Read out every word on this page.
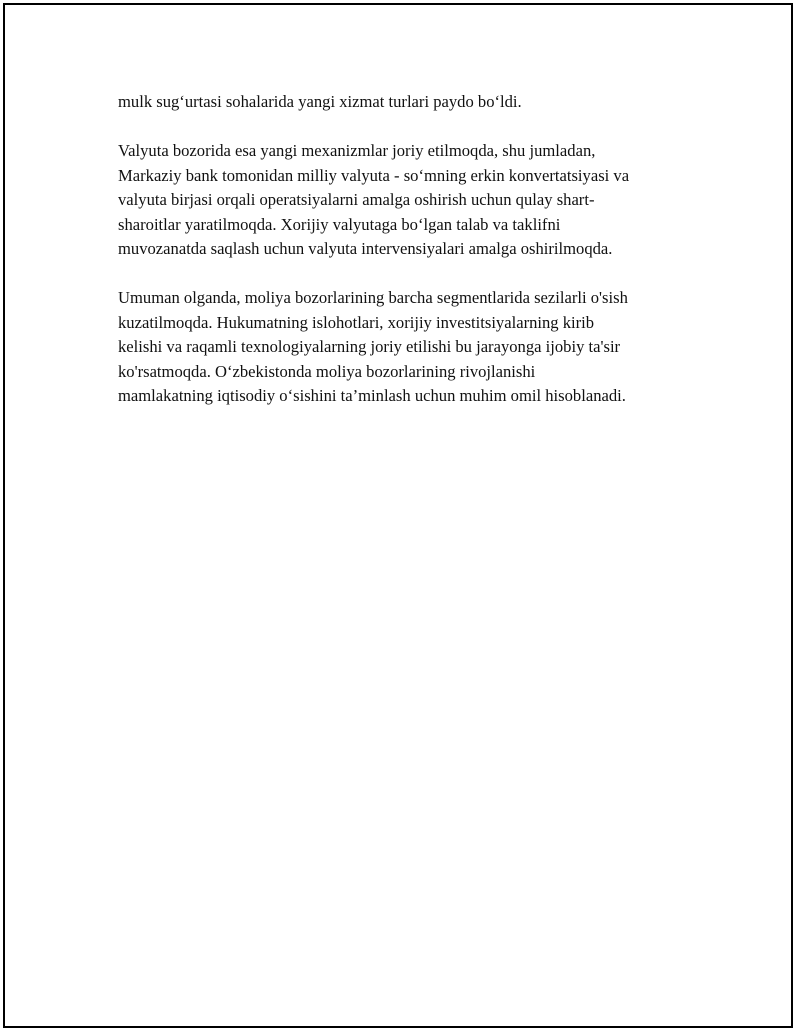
mulk sug‘urtasi sohalarida yangi xizmat turlari paydo bo‘ldi.

Valyuta bozorida esa yangi mexanizmlar joriy etilmoqda, shu jumladan,
Markaziy bank tomonidan milliy valyuta - so‘mning erkin konvertatsiyasi va
valyuta birjasi orqali operatsiyalarni amalga oshirish uchun qulay shart-
sharoitlar yaratilmoqda. Xorijiy valyutaga bo‘lgan talab va taklifni
muvozanatda saqlash uchun valyuta intervensiyalari amalga oshirilmoqda.

Umuman olganda, moliya bozorlarining barcha segmentlarida sezilarli o'sish
kuzatilmoqda. Hukumatning islohotlari, xorijiy investitsiyalarning kirib
kelishi va raqamli texnologiyalarning joriy etilishi bu jarayonga ijobiy ta'sir
ko'rsatmoqda. O‘zbekistonda moliya bozorlarining rivojlanishi
mamlakatning iqtisodiy o‘sishini ta’minlash uchun muhim omil hisoblanadi.
